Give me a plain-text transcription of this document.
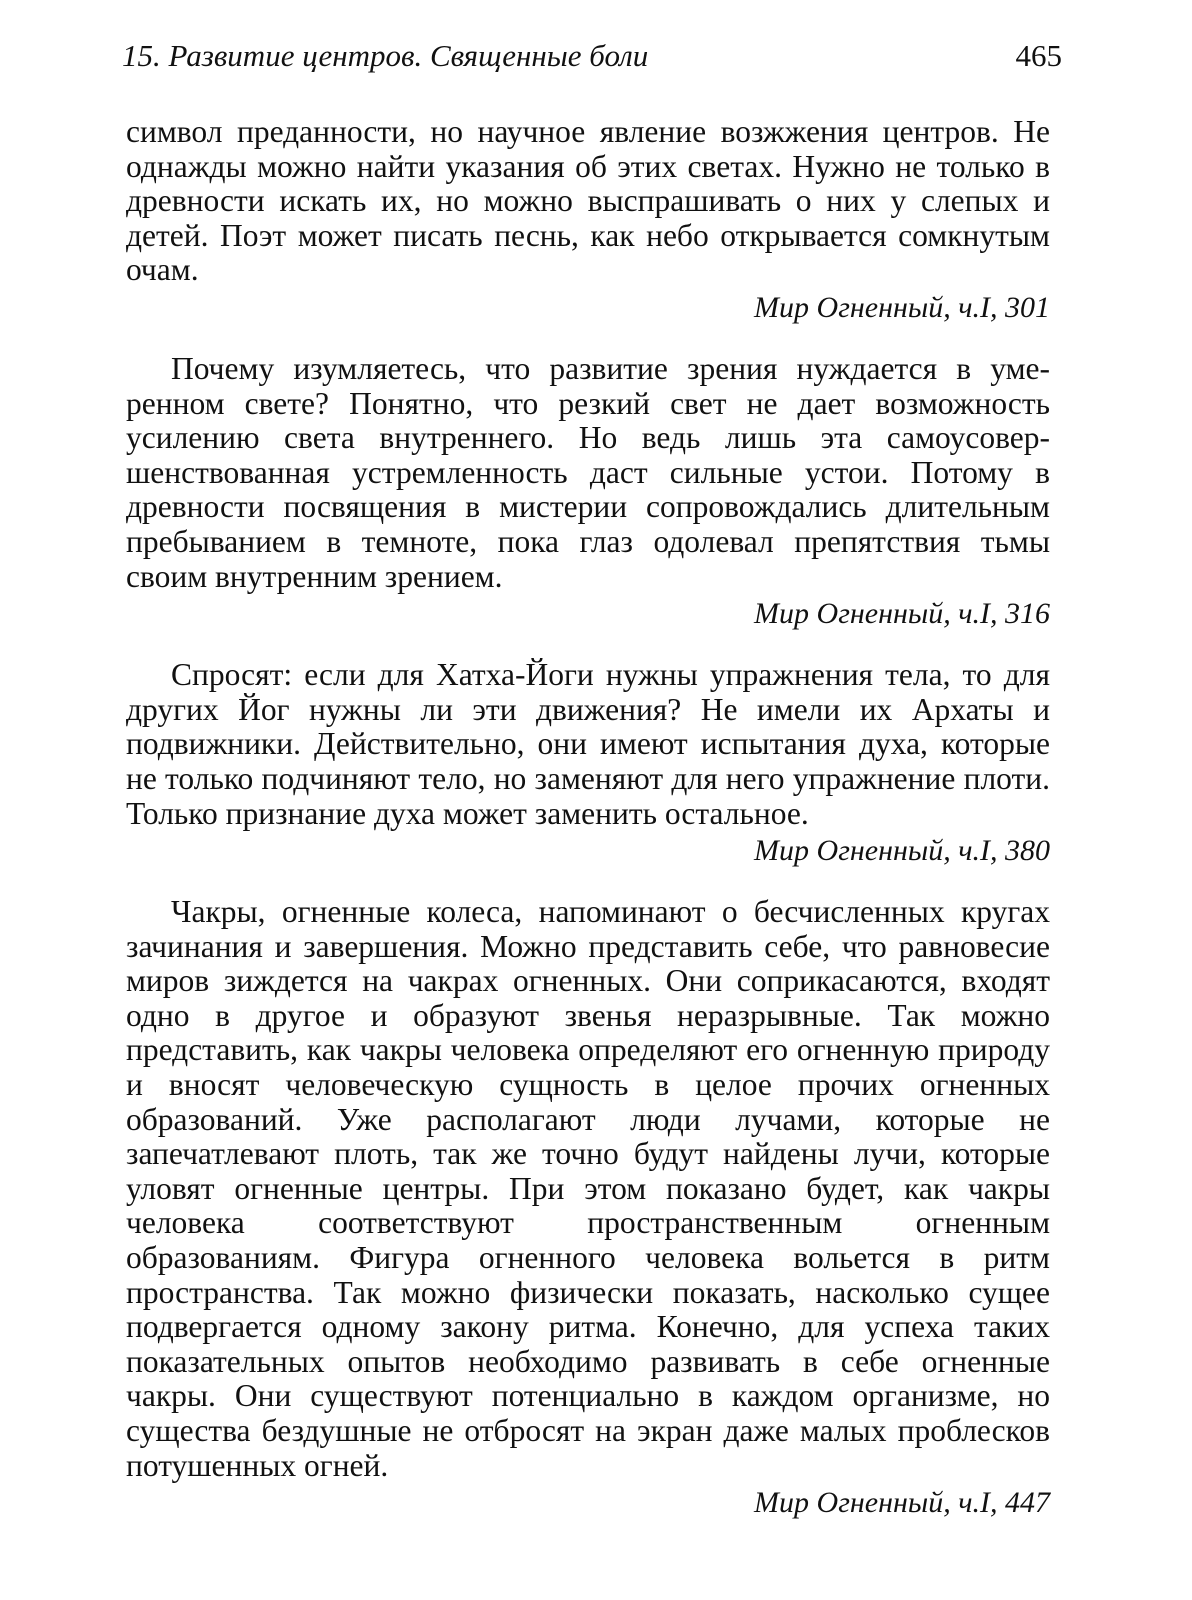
15. Развитие центров. Священные боли	465

символ преданности, но научное явление возжжения центров. Не однажды можно найти указания об этих светах. Нужно не только в древности искать их, но можно выспрашивать о них у слепых и детей. Поэт может писать песнь, как небо открывается сомкнутым очам.

Мир Огненный, ч.I, 301

Почему изумляетесь, что развитие зрения нуждается в умеренном свете? Понятно, что резкий свет не дает возможность усилению света внутреннего. Но ведь лишь эта самоусовершенствованная устремленность даст сильные устои. Потому в древности посвящения в мистерии сопровождались длительным пребыванием в темноте, пока глаз одолевал препятствия тьмы своим внутренним зрением.

Мир Огненный, ч.I, 316

Спросят: если для Хатха-Йоги нужны упражнения тела, то для других Йог нужны ли эти движения? Не имели их Архаты и подвижники. Действительно, они имеют испытания духа, которые не только подчиняют тело, но заменяют для него упражнение плоти. Только признание духа может заменить остальное.

Мир Огненный, ч.I, 380

Чакры, огненные колеса, напоминают о бесчисленных кругах зачинания и завершения. Можно представить себе, что равновесие миров зиждется на чакрах огненных. Они соприкасаются, входят одно в другое и образуют звенья неразрывные. Так можно представить, как чакры человека определяют его огненную природу и вносят человеческую сущность в целое прочих огненных образований. Уже располагают люди лучами, которые не запечатлевают плоть, так же точно будут найдены лучи, которые уловят огненные центры. При этом показано будет, как чакры человека соответствуют пространственным огненным образованиям. Фигура огненного человека вольется в ритм пространства. Так можно физически показать, насколько сущее подвергается одному закону ритма. Конечно, для успеха таких показательных опытов необходимо развивать в себе огненные чакры. Они существуют потенциально в каждом организме, но существа бездушные не отбросят на экран даже малых проблесков потушенных огней.

Мир Огненный, ч.I, 447
